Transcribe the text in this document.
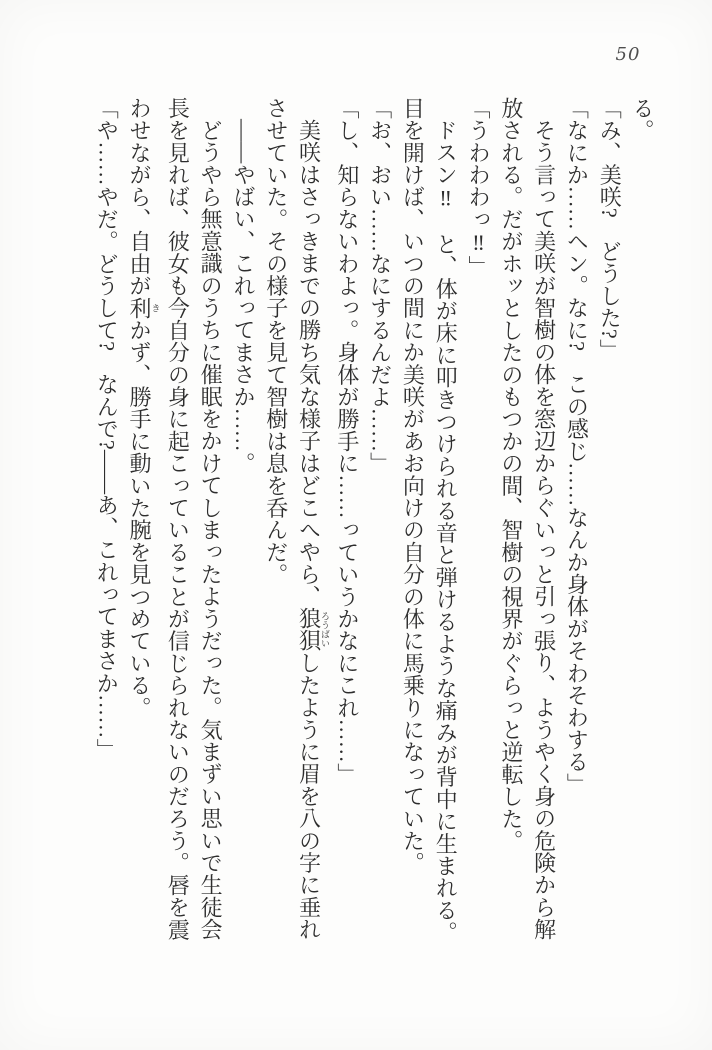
50

る。

「み、美咲?　どうした?」

「なにか……ヘン。なに?　この感じ……なんか身体がそわそわする」

そう言って美咲が智樹の体を窓辺からぐいっと引っ張り、ようやく身の危険から解

放される。だがホッとしたのもつかの間、智樹の視界がぐらっと逆転した。

「うわわわっ‼」

ドスン‼　と、体が床に叩きつけられる音と弾けるような痛みが背中に生まれる。

目を開けば、いつの間にか美咲があお向けの自分の体に馬乗りになっていた。

「お、おい……なにするんだよ……」

「し、知らないわよっ。身体が勝手に……っていうかなにこれ……」

美咲はさっきまでの勝ち気な様子はどこへやら、狼狽ろうばいしたように眉を八の字に垂れ

させていた。その様子を見て智樹は息を呑んだ。

——やばい、これってまさか……。

どうやら無意識のうちに催眠をかけてしまったようだった。気まずい思いで生徒会

長を見れば、彼女も今自分の身に起こっていることが信じられないのだろう。唇を震

わせながら、自由が利きかず、勝手に動いた腕を見つめている。

「や……やだ。どうして?　なんで?——あ、これってまさか……」
